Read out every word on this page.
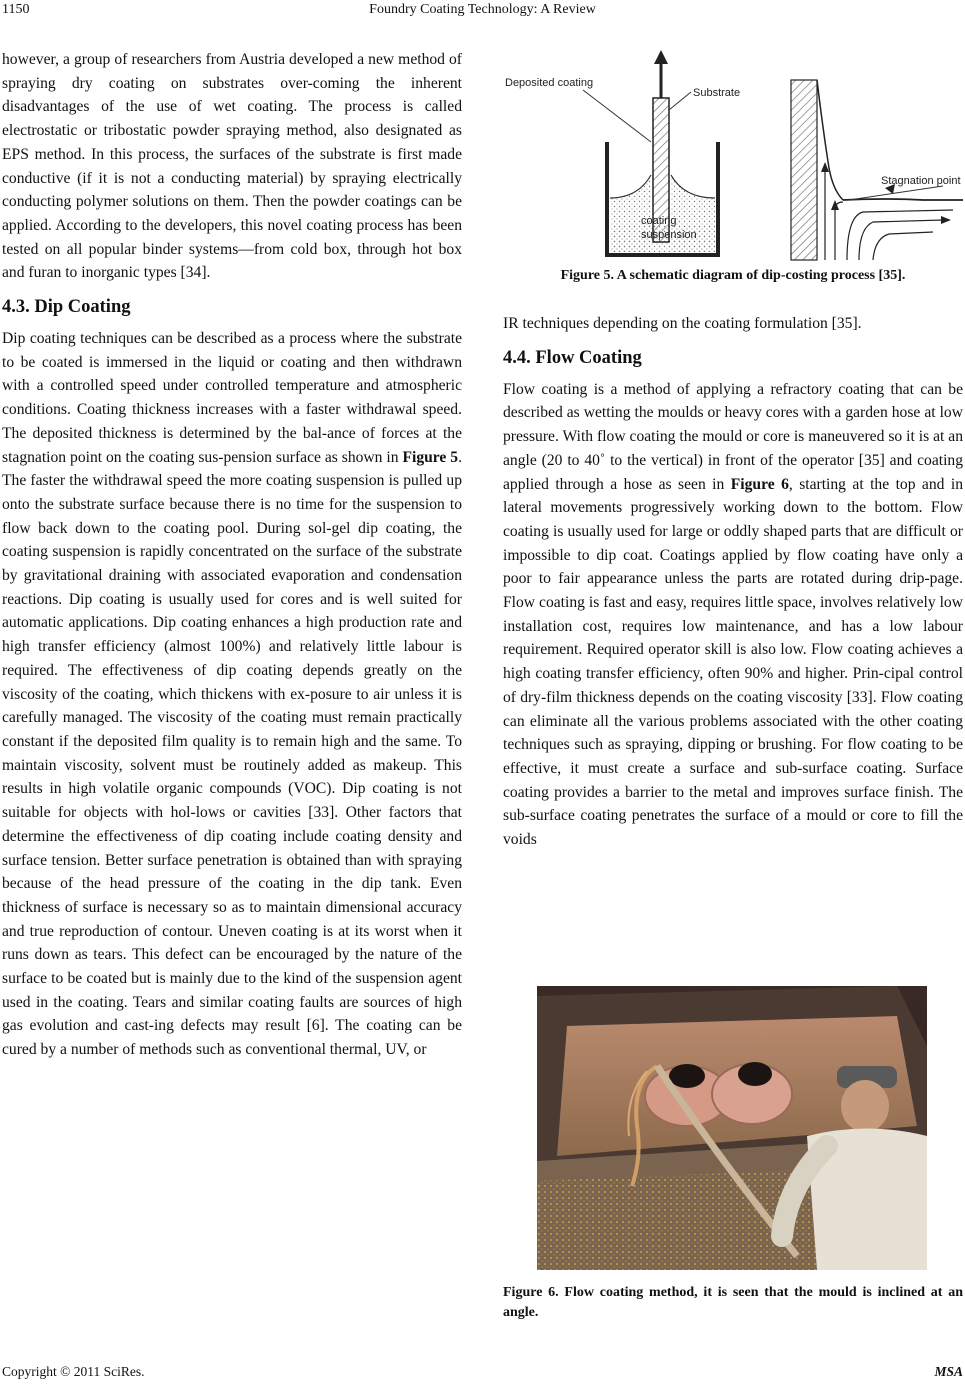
1150	Foundry Coating Technology: A Review

however, a group of researchers from Austria developed a new method of spraying dry coating on substrates over-coming the inherent disadvantages of the use of wet coating. The process is called electrostatic or tribostatic powder spraying method, also designated as EPS method. In this process, the surfaces of the substrate is first made conductive (if it is not a conducting material) by spraying electrically conducting polymer solutions on them. Then the powder coatings can be applied. According to the developers, this novel coating process has been tested on all popular binder systems—from cold box, through hot box and furan to inorganic types [34].

4.3. Dip Coating

Dip coating techniques can be described as a process where the substrate to be coated is immersed in the liquid or coating and then withdrawn with a controlled speed under controlled temperature and atmospheric conditions. Coating thickness increases with a faster withdrawal speed. The deposited thickness is determined by the bal-ance of forces at the stagnation point on the coating sus-pension surface as shown in Figure 5. The faster the withdrawal speed the more coating suspension is pulled up onto the substrate surface because there is no time for the suspension to flow back down to the coating pool. During sol-gel dip coating, the coating suspension is rapidly concentrated on the surface of the substrate by gravitational draining with associated evaporation and condensation reactions. Dip coating is usually used for cores and is well suited for automatic applications. Dip coating enhances a high production rate and high transfer efficiency (almost 100%) and relatively little labour is required. The effectiveness of dip coating depends greatly on the viscosity of the coating, which thickens with ex-posure to air unless it is carefully managed. The viscosity of the coating must remain practically constant if the deposited film quality is to remain high and the same. To maintain viscosity, solvent must be routinely added as makeup. This results in high volatile organic compounds (VOC). Dip coating is not suitable for objects with hol-lows or cavities [33]. Other factors that determine the effectiveness of dip coating include coating density and surface tension. Better surface penetration is obtained than with spraying because of the head pressure of the coating in the dip tank. Even thickness of surface is necessary so as to maintain dimensional accuracy and true reproduction of contour. Uneven coating is at its worst when it runs down as tears. This defect can be encouraged by the nature of the surface to be coated but is mainly due to the kind of the suspension agent used in the coating. Tears and similar coating faults are sources of high gas evolution and cast-ing defects may result [6]. The coating can be cured by a number of methods such as conventional thermal, UV, or

Deposited coating
Substrate
coating
suspension
Stagnation point
Figure 5. A schematic diagram of dip-costing process [35].

IR techniques depending on the coating formulation [35].

4.4. Flow Coating

Flow coating is a method of applying a refractory coating that can be described as wetting the moulds or heavy cores with a garden hose at low pressure. With flow coating the mould or core is maneuvered so it is at an angle (20 to 40˚ to the vertical) in front of the operator [35] and coating applied through a hose as seen in Figure 6, starting at the top and in lateral movements progressively working down to the bottom. Flow coating is usually used for large or oddly shaped parts that are difficult or impossible to dip coat. Coatings applied by flow coating have only a poor to fair appearance unless the parts are rotated during drip-page. Flow coating is fast and easy, requires little space, involves relatively low installation cost, requires low maintenance, and has a low labour requirement. Required operator skill is also low. Flow coating achieves a high coating transfer efficiency, often 90% and higher. Prin-cipal control of dry-film thickness depends on the coating viscosity [33]. Flow coating can eliminate all the various problems associated with the other coating techniques such as spraying, dipping or brushing. For flow coating to be effective, it must create a surface and sub-surface coating. Surface coating provides a barrier to the metal and improves surface finish. The sub-surface coating penetrates the surface of a mould or core to fill the voids

Figure 6. Flow coating method, it is seen that the mould is inclined at an angle.
Copyright © 2011 SciRes.	MSA
